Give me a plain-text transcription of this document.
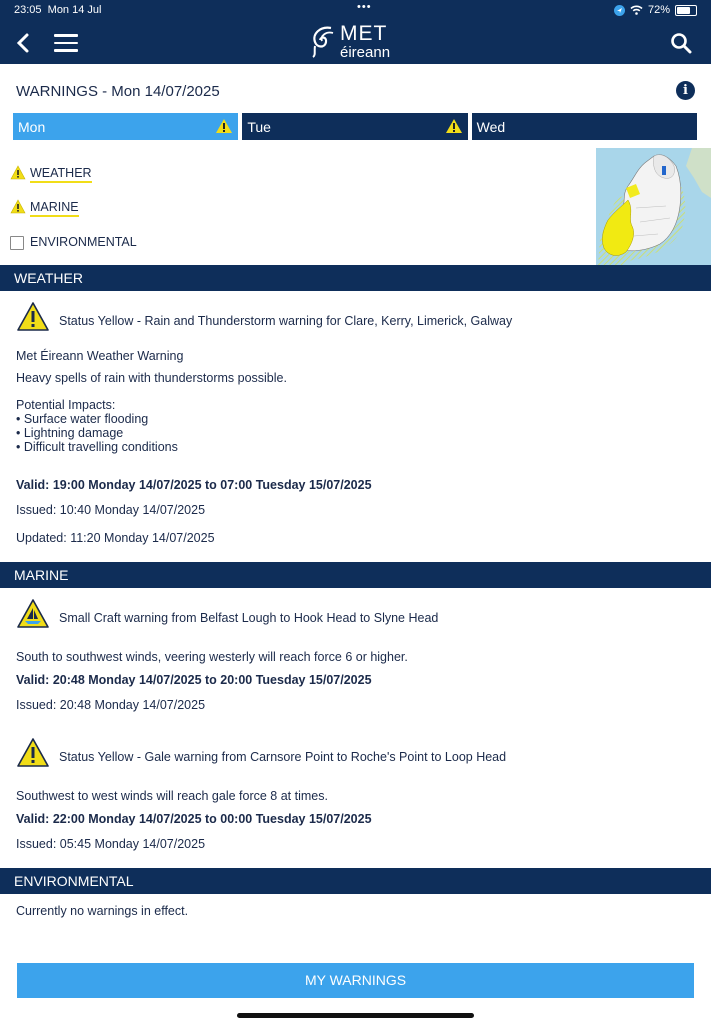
23:05 Mon 14 Jul	•••	72%
MET
éireann
WARNINGS - Mon 14/07/2025	i
Mon	Tue	Wed
WEATHER
MARINE
ENVIRONMENTAL
WEATHER
Status Yellow - Rain and Thunderstorm warning for Clare, Kerry, Limerick, Galway
Met Éireann Weather Warning
Heavy spells of rain with thunderstorms possible.
Potential Impacts:
• Surface water flooding
• Lightning damage
• Difficult travelling conditions
Valid: 19:00 Monday 14/07/2025 to 07:00 Tuesday 15/07/2025
Issued: 10:40 Monday 14/07/2025
Updated: 11:20 Monday 14/07/2025
MARINE
Small Craft warning from Belfast Lough to Hook Head to Slyne Head
South to southwest winds, veering westerly will reach force 6 or higher.
Valid: 20:48 Monday 14/07/2025 to 20:00 Tuesday 15/07/2025
Issued: 20:48 Monday 14/07/2025
Status Yellow - Gale warning from Carnsore Point to Roche's Point to Loop Head
Southwest to west winds will reach gale force 8 at times.
Valid: 22:00 Monday 14/07/2025 to 00:00 Tuesday 15/07/2025
Issued: 05:45 Monday 14/07/2025
ENVIRONMENTAL
Currently no warnings in effect.
MY WARNINGS
